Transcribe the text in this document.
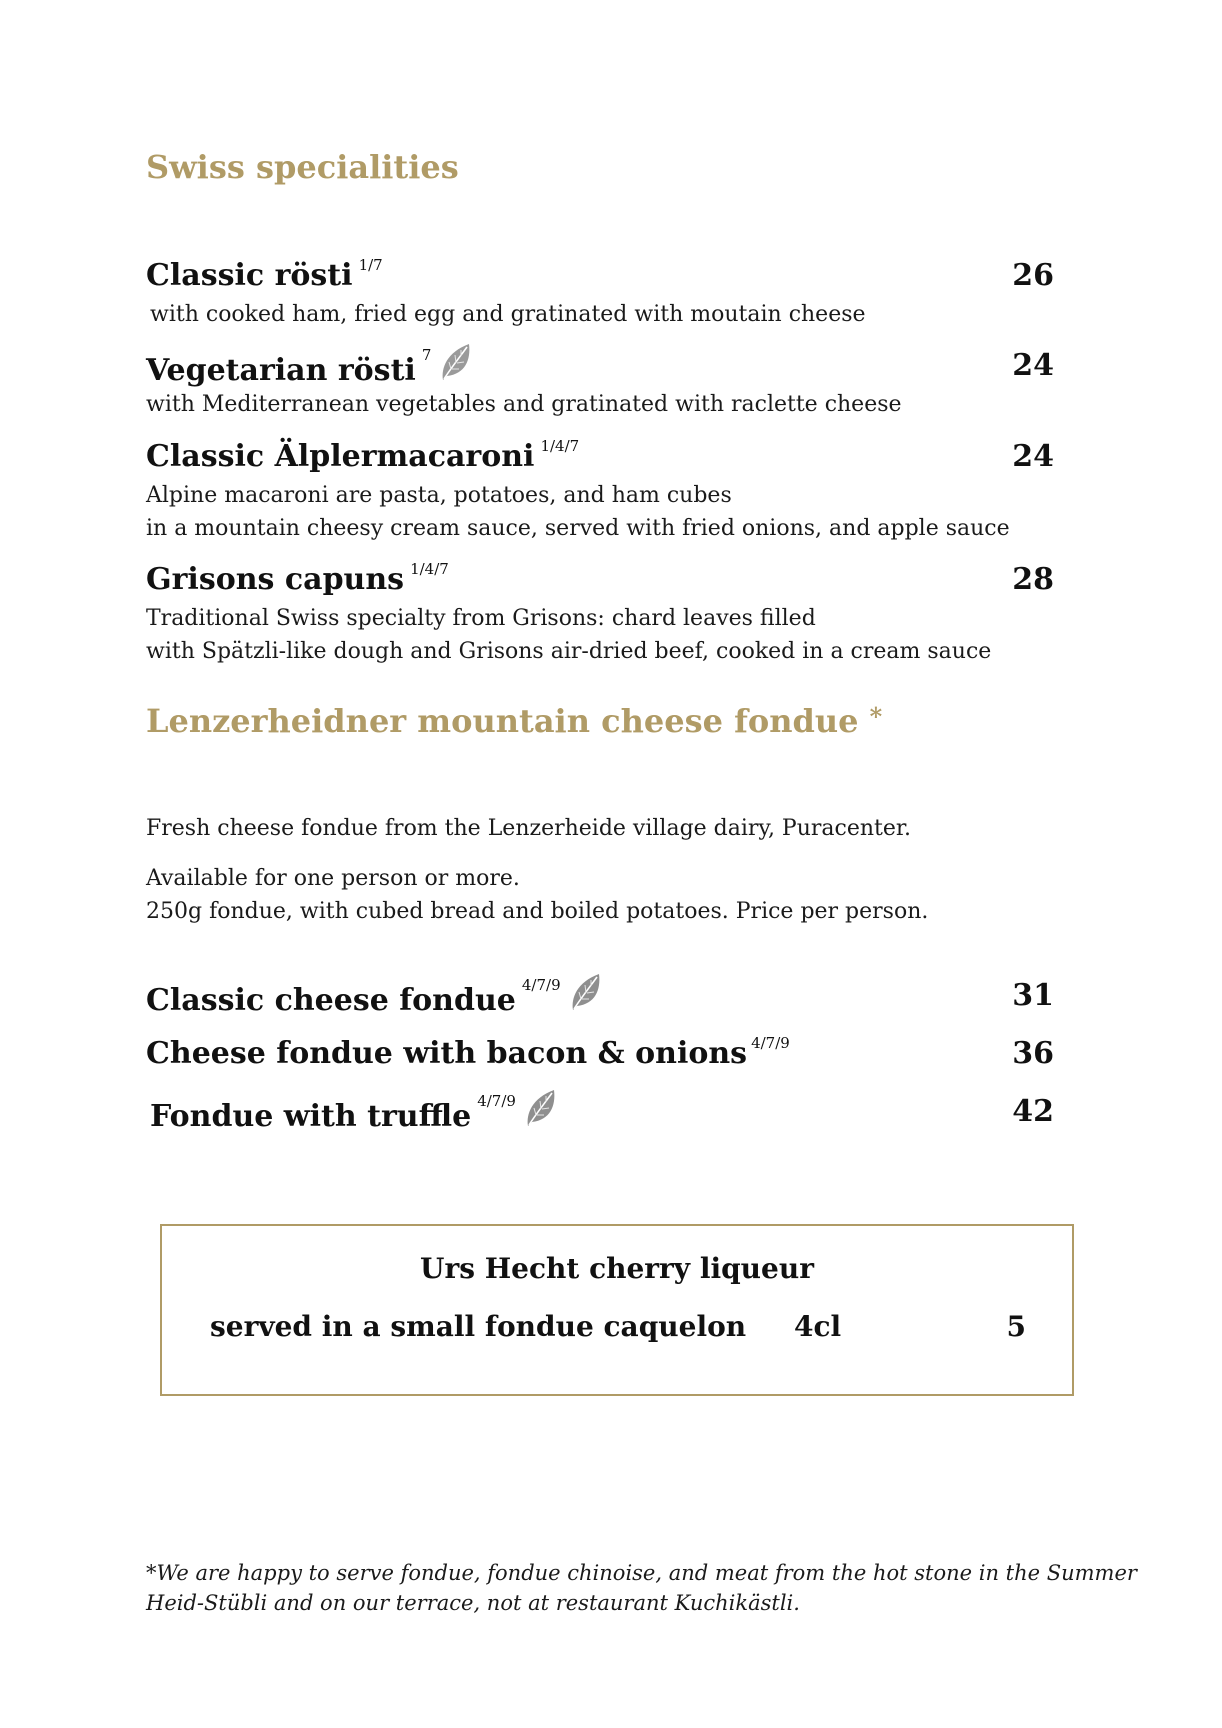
Swiss specialities
Classic rösti $^{1/7}$	26
with cooked ham, fried egg and gratinated with moutain cheese
Vegetarian rösti $^7$	24
with Mediterranean vegetables and gratinated with raclette cheese
Classic Älplermacaroni $^{1/4/7}$	24
Alpine macaroni are pasta, potatoes, and ham cubes
in a mountain cheesy cream sauce, served with fried onions, and apple sauce
Grisons capuns $^{1/4/7}$	28
Traditional Swiss specialty from Grisons: chard leaves filled
with Spätzli-like dough and Grisons air-dried beef, cooked in a cream sauce
Lenzerheidner mountain cheese fondue *
Fresh cheese fondue from the Lenzerheide village dairy, Puracenter.
Available for one person or more.
250g fondue, with cubed bread and boiled potatoes. Price per person.
Classic cheese fondue $^{4/7/9}$	31
Cheese fondue with bacon & onions $^{4/7/9}$	36
Fondue with truffle $^{4/7/9}$	42
Urs Hecht cherry liqueur
served in a small fondue caquelon 4cl	5
*We are happy to serve fondue, fondue chinoise, and meat from the hot stone in the Summer
Heid-Stübli and on our terrace, not at restaurant Kuchikästli.
